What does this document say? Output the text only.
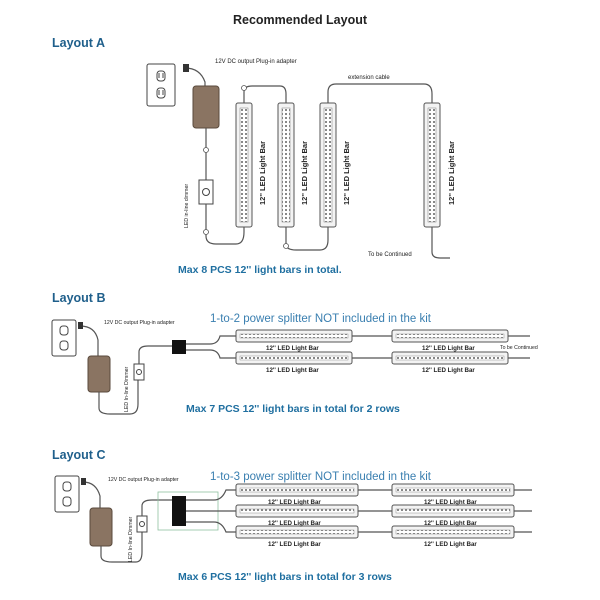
Recommended Layout
Layout A
12V DC output Plug-in adapter
LED in-line dimmer
12'' LED Light Bar	12'' LED Light Bar	12'' LED Light Bar	12'' LED Light Bar
extension cable
To be Continued
Max 8 PCS 12'' light bars in total.
Layout B
12V DC output Plug-in adapter
LED In-line Dimmer
1-to-2 power splitter NOT included in the kit
12'' LED Light Bar	12'' LED Light Bar
12'' LED Light Bar	12'' LED Light Bar
To be Continued
Max 7 PCS 12'' light bars in total for 2 rows
Layout C
12V DC output Plug-in adapter
LED In-line Dimmer
1-to-3 power splitter NOT included in the kit
12'' LED Light Bar	12'' LED Light Bar
12'' LED Light Bar	12'' LED Light Bar
12'' LED Light Bar	12'' LED Light Bar
Max 6 PCS 12'' light bars in total for 3 rows
